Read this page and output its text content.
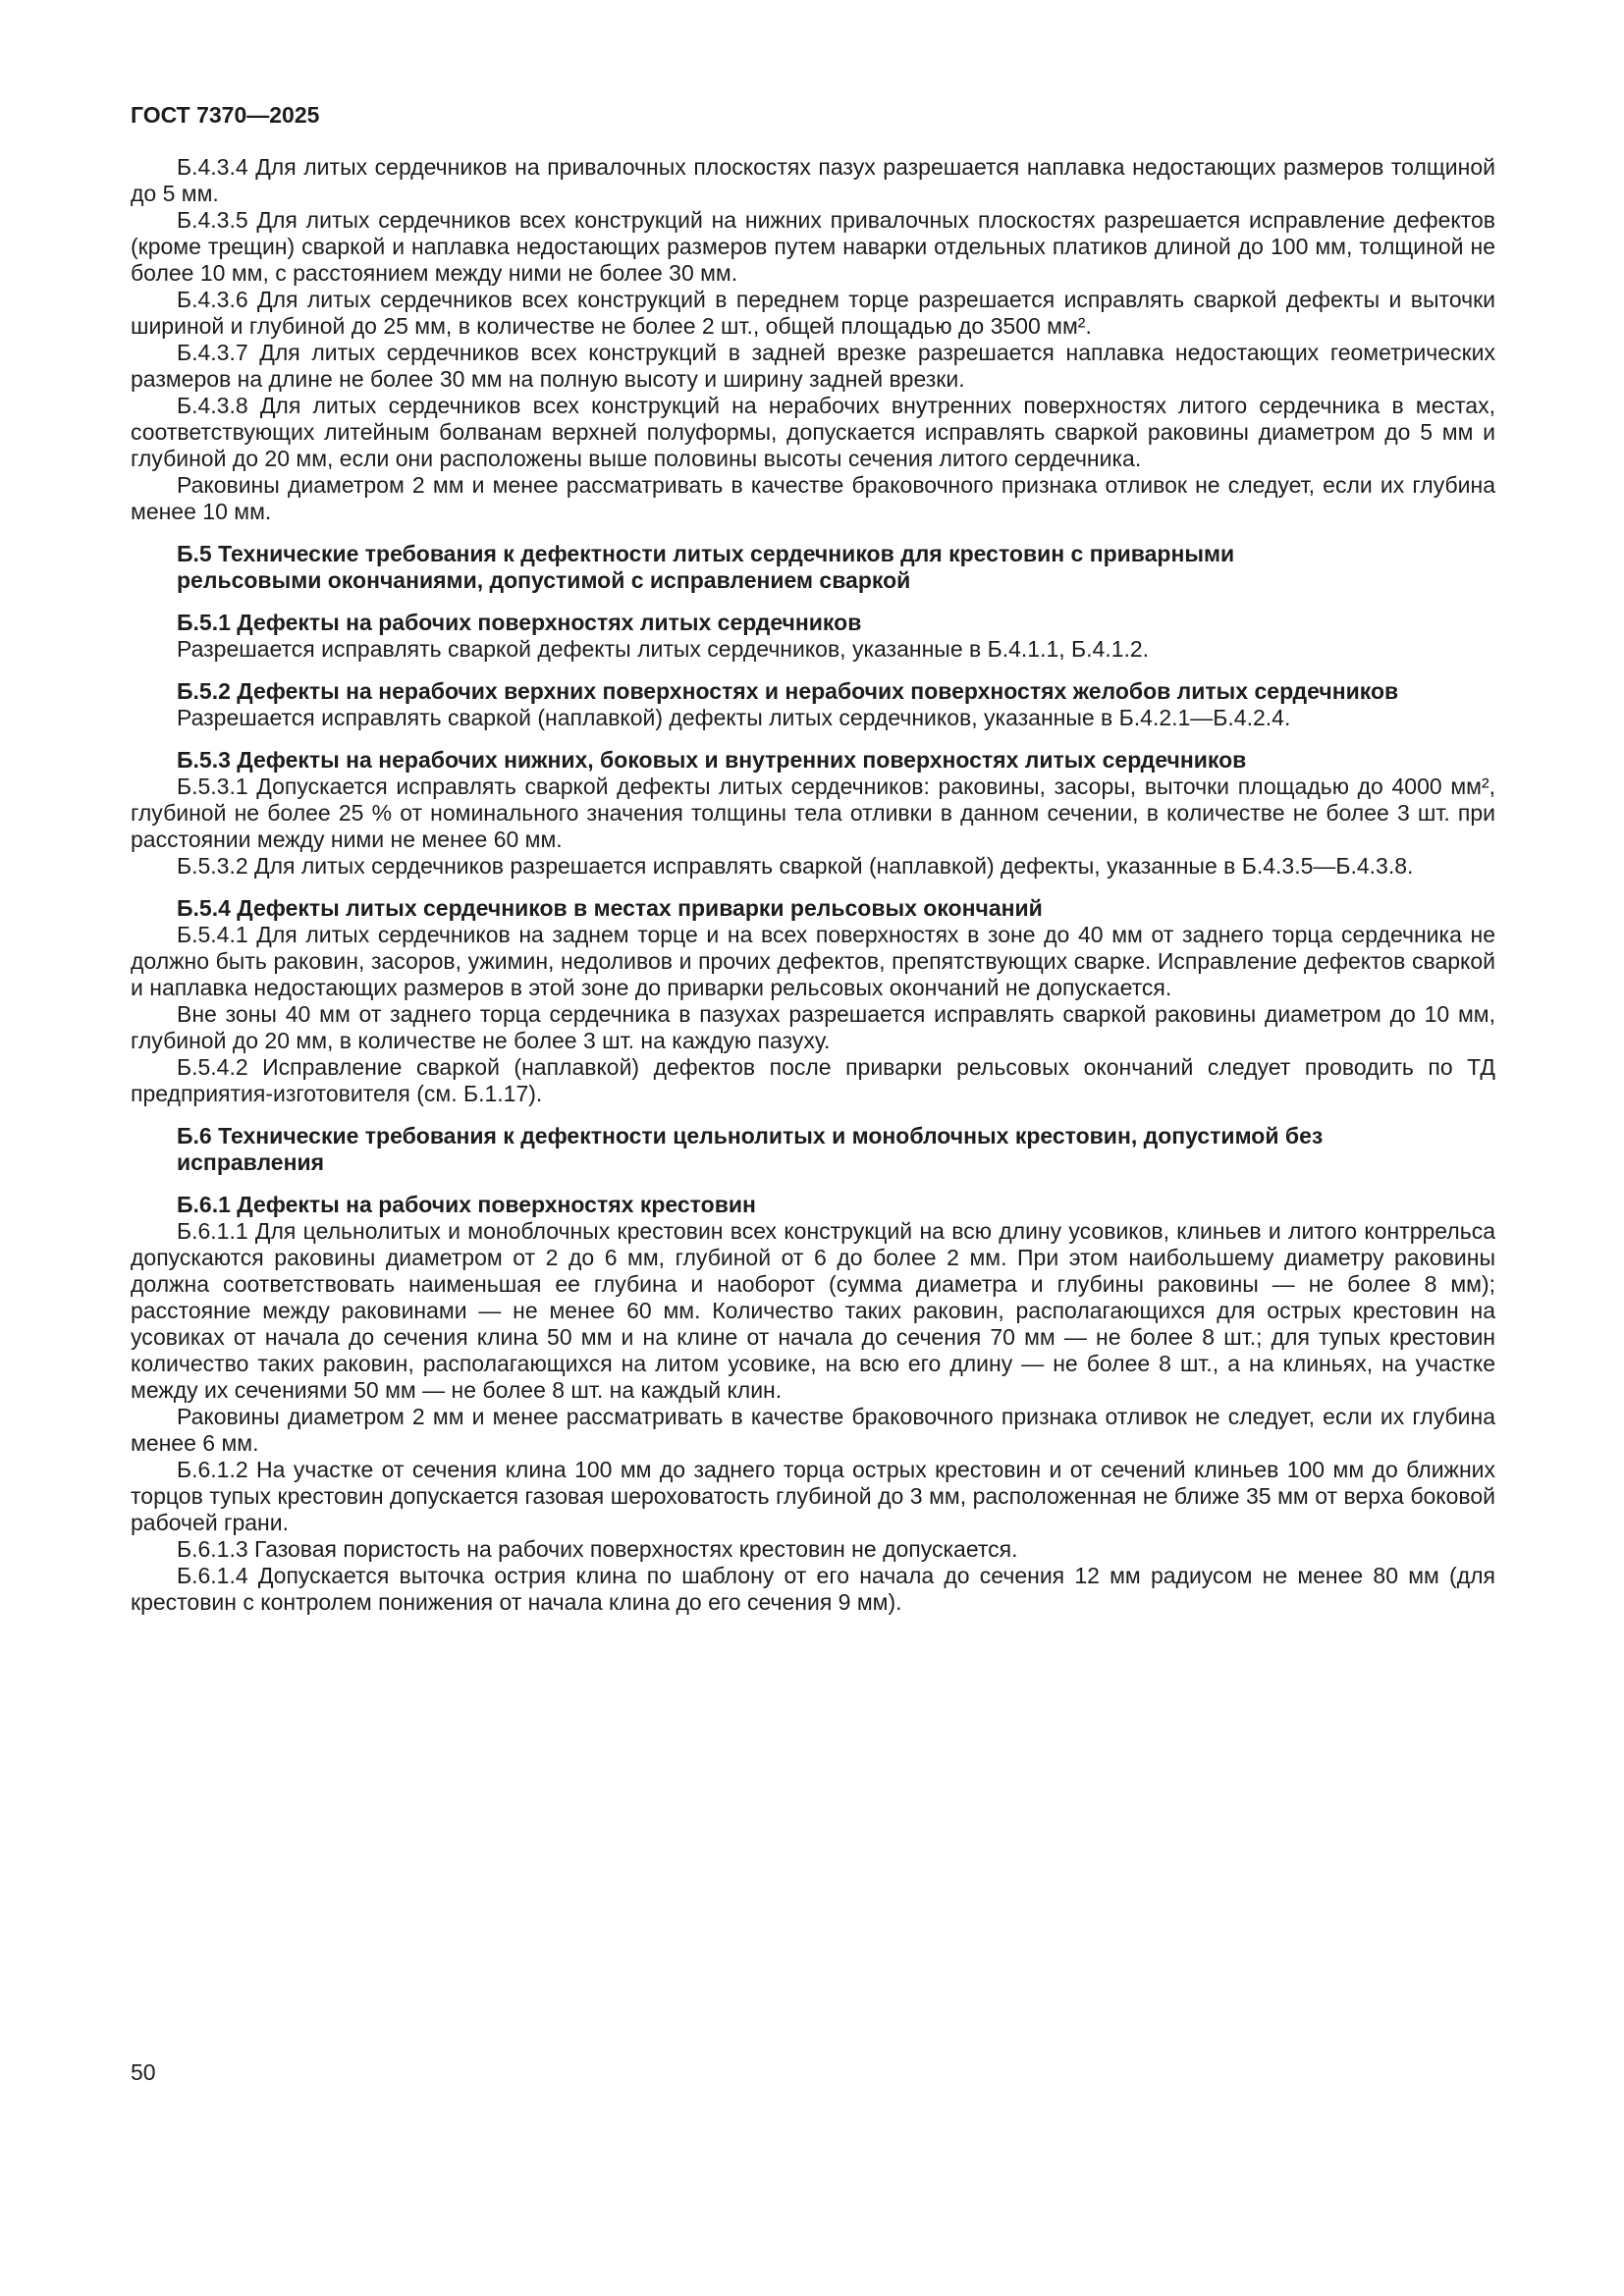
ГОСТ 7370—2025

Б.4.3.4 Для литых сердечников на привалочных плоскостях пазух разрешается наплавка недостающих размеров толщиной до 5 мм.

Б.4.3.5 Для литых сердечников всех конструкций на нижних привалочных плоскостях разрешается исправление дефектов (кроме трещин) сваркой и наплавка недостающих размеров путем наварки отдельных платиков длиной до 100 мм, толщиной не более 10 мм, с расстоянием между ними не более 30 мм.

Б.4.3.6 Для литых сердечников всех конструкций в переднем торце разрешается исправлять сваркой дефекты и выточки шириной и глубиной до 25 мм, в количестве не более 2 шт., общей площадью до 3500 мм².

Б.4.3.7 Для литых сердечников всех конструкций в задней врезке разрешается наплавка недостающих геометрических размеров на длине не более 30 мм на полную высоту и ширину задней врезки.

Б.4.3.8 Для литых сердечников всех конструкций на нерабочих внутренних поверхностях литого сердечника в местах, соответствующих литейным болванам верхней полуформы, допускается исправлять сваркой раковины диаметром до 5 мм и глубиной до 20 мм, если они расположены выше половины высоты сечения литого сердечника.

Раковины диаметром 2 мм и менее рассматривать в качестве браковочного признака отливок не следует, если их глубина менее 10 мм.

Б.5 Технические требования к дефектности литых сердечников для крестовин с приварными рельсовыми окончаниями, допустимой с исправлением сваркой

Б.5.1 Дефекты на рабочих поверхностях литых сердечников

Разрешается исправлять сваркой дефекты литых сердечников, указанные в Б.4.1.1, Б.4.1.2.

Б.5.2 Дефекты на нерабочих верхних поверхностях и нерабочих поверхностях желобов литых сердечников

Разрешается исправлять сваркой (наплавкой) дефекты литых сердечников, указанные в Б.4.2.1—Б.4.2.4.

Б.5.3 Дефекты на нерабочих нижних, боковых и внутренних поверхностях литых сердечников

Б.5.3.1 Допускается исправлять сваркой дефекты литых сердечников: раковины, засоры, выточки площадью до 4000 мм², глубиной не более 25 % от номинального значения толщины тела отливки в данном сечении, в количестве не более 3 шт. при расстоянии между ними не менее 60 мм.

Б.5.3.2 Для литых сердечников разрешается исправлять сваркой (наплавкой) дефекты, указанные в Б.4.3.5—Б.4.3.8.

Б.5.4 Дефекты литых сердечников в местах приварки рельсовых окончаний

Б.5.4.1 Для литых сердечников на заднем торце и на всех поверхностях в зоне до 40 мм от заднего торца сердечника не должно быть раковин, засоров, ужимин, недоливов и прочих дефектов, препятствующих сварке. Исправление дефектов сваркой и наплавка недостающих размеров в этой зоне до приварки рельсовых окончаний не допускается.

Вне зоны 40 мм от заднего торца сердечника в пазухах разрешается исправлять сваркой раковины диаметром до 10 мм, глубиной до 20 мм, в количестве не более 3 шт. на каждую пазуху.

Б.5.4.2 Исправление сваркой (наплавкой) дефектов после приварки рельсовых окончаний следует проводить по ТД предприятия-изготовителя (см. Б.1.17).

Б.6 Технические требования к дефектности цельнолитых и моноблочных крестовин, допустимой без исправления

Б.6.1 Дефекты на рабочих поверхностях крестовин

Б.6.1.1 Для цельнолитых и моноблочных крестовин всех конструкций на всю длину усовиков, клиньев и литого контррельса допускаются раковины диаметром от 2 до 6 мм, глубиной от 6 до более 2 мм. При этом наибольшему диаметру раковины должна соответствовать наименьшая ее глубина и наоборот (сумма диаметра и глубины раковины — не более 8 мм); расстояние между раковинами — не менее 60 мм. Количество таких раковин, располагающихся для острых крестовин на усовиках от начала до сечения клина 50 мм и на клине от начала до сечения 70 мм — не более 8 шт.; для тупых крестовин количество таких раковин, располагающихся на литом усовике, на всю его длину — не более 8 шт., а на клиньях, на участке между их сечениями 50 мм — не более 8 шт. на каждый клин.

Раковины диаметром 2 мм и менее рассматривать в качестве браковочного признака отливок не следует, если их глубина менее 6 мм.

Б.6.1.2 На участке от сечения клина 100 мм до заднего торца острых крестовин и от сечений клиньев 100 мм до ближних торцов тупых крестовин допускается газовая шероховатость глубиной до 3 мм, расположенная не ближе 35 мм от верха боковой рабочей грани.

Б.6.1.3 Газовая пористость на рабочих поверхностях крестовин не допускается.

Б.6.1.4 Допускается выточка острия клина по шаблону от его начала до сечения 12 мм радиусом не менее 80 мм (для крестовин с контролем понижения от начала клина до его сечения 9 мм).

50
